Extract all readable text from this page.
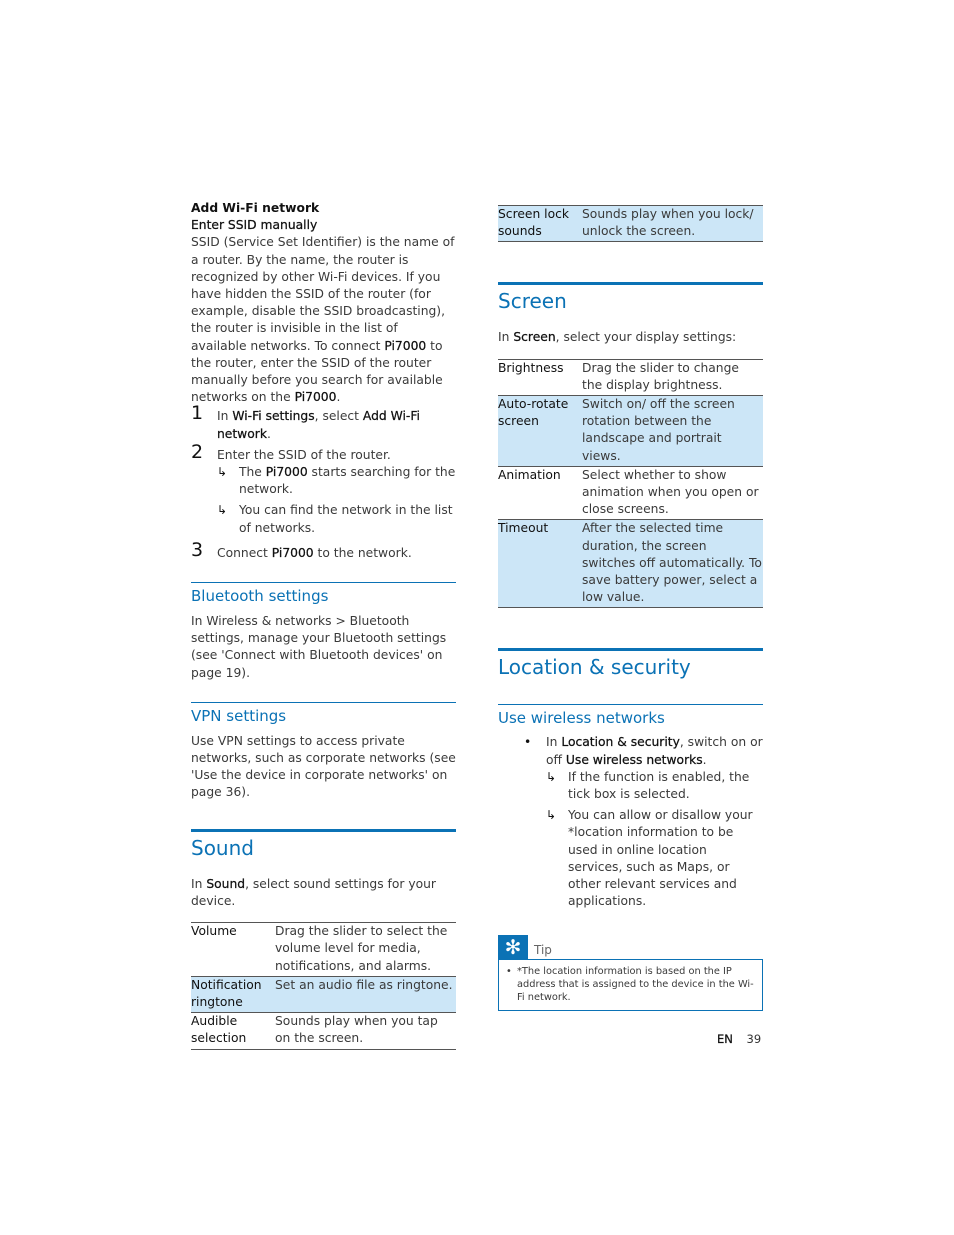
Add Wi-Fi network

Enter SSID manually

SSID (Service Set Identifier) is the name of a router. By the name, the router is recognized by other Wi-Fi devices. If you have hidden the SSID of the router (for example, disable the SSID broadcasting), the router is invisible in the list of available networks. To connect Pi7000 to the router, enter the SSID of the router manually before you search for available networks on the Pi7000.

1 In Wi-Fi settings, select Add Wi-Fi network.

2 Enter the SSID of the router.

↳ The Pi7000 starts searching for the network.

↳ You can find the network in the list of networks.

3 Connect Pi7000 to the network.

Bluetooth settings

In Wireless & networks > Bluetooth settings, manage your Bluetooth settings (see 'Connect with Bluetooth devices' on page 19).

VPN settings

Use VPN settings to access private networks, such as corporate networks (see 'Use the device in corporate networks' on page 36).

Sound

In Sound, select sound settings for your device.

Volume	Drag the slider to select the volume level for media, notifications, and alarms.
Notification ringtone	Set an audio file as ringtone.
Audible selection	Sounds play when you tap on the screen.
Screen lock sounds	Sounds play when you lock/ unlock the screen.
Screen

In Screen, select your display settings:

Brightness	Drag the slider to change the display brightness.
Auto-rotate screen	Switch on/ off the screen rotation between the landscape and portrait views.
Animation	Select whether to show animation when you open or close screens.
Timeout	After the selected time duration, the screen switches off automatically. To save battery power, select a low value.
Location & security
Use wireless networks
• In Location & security, switch on or off Use wireless networks.

↳ If the function is enabled, the tick box is selected.

↳ You can allow or disallow your *location information to be used in online location services, such as Maps, or other relevant services and applications.

✻	Tip
• *The location information is based on the IP address that is assigned to the device in the Wi-Fi network.

EN 39
